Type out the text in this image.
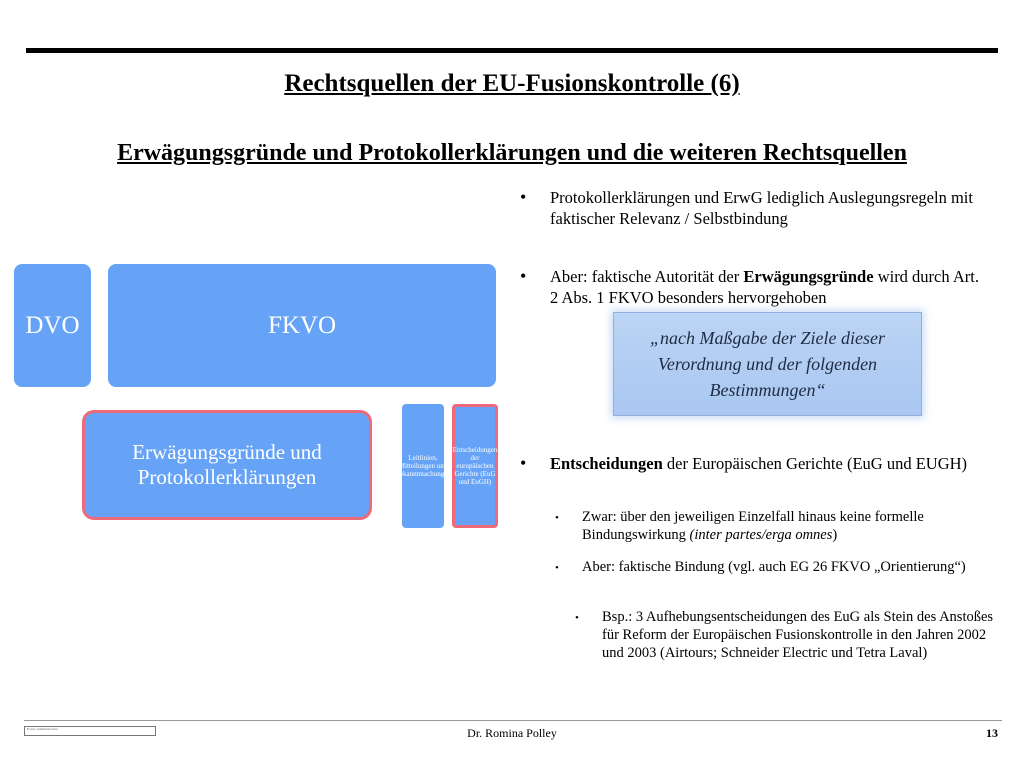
Rechtsquellen der EU-Fusionskontrolle (6)
Erwägungsgründe und Protokollerklärungen und die weiteren Rechtsquellen
DVO	FKVO
Erwägungsgründe und
Protokollerklärungen
Leitlinien, Mitteilungen und Bekanntmachungen
Entscheidungen der europäischen Gerichte (EuG und EuGH)
•	Protokollerklärungen und ErwG lediglich Auslegungsregeln mit faktischer Relevanz / Selbstbindung
•	Aber: faktische Autorität der Erwägungsgründe wird durch Art. 2 Abs. 1 FKVO besonders hervorgehoben
„nach Maßgabe der Ziele dieser Verordnung und der folgenden Bestimmungen“
•	Entscheidungen der Europäischen Gerichte (EuG und EUGH)
•	Zwar: über den jeweiligen Einzelfall hinaus keine formelle Bindungswirkung (inter partes/erga omnes)
•	Aber: faktische Bindung (vgl. auch EG 26 FKVO „Orientierung“)
•	Bsp.: 3 Aufhebungsentscheidungen des EuG als Stein des Anstoßes für Reform der Europäischen Fusionskontrolle in den Jahren 2002 und 2003 (Airtours; Schneider Electric und Tetra Laval)
Footer confidential notice	Dr. Romina Polley	13
